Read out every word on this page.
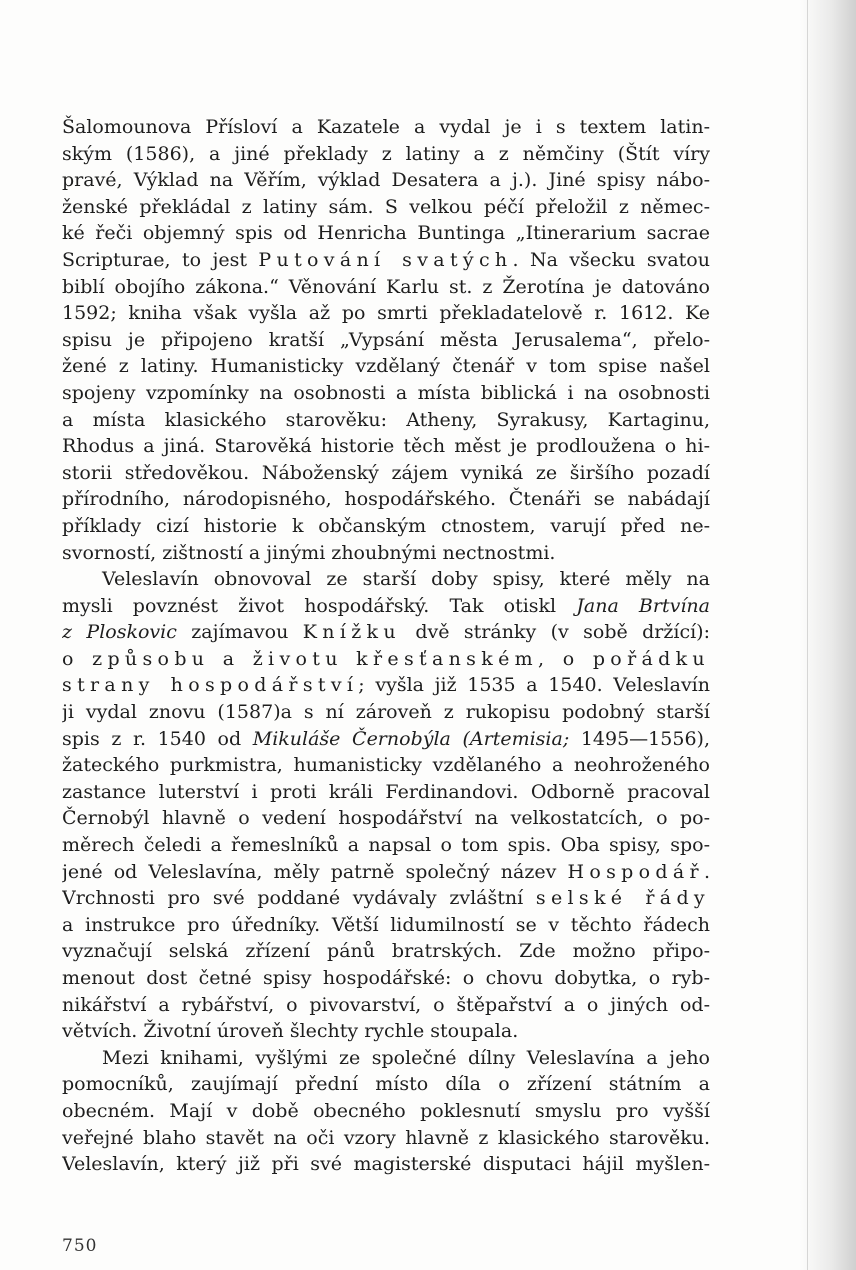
Šalomounova Přísloví a Kazatele a vydal je i s textem latin-
ským (1586), a jiné překlady z latiny a z němčiny (Štít víry
pravé, Výklad na Věřím, výklad Desatera a j.). Jiné spisy nábo-
ženské překládal z latiny sám. S velkou péčí přeložil z němec-
ké řeči objemný spis od Henricha Buntinga „Itinerarium sacrae
Scripturae, to jest Putování svatých. Na všecku svatou
biblí obojího zákona.“ Věnování Karlu st. z Žerotína je datováno
1592; kniha však vyšla až po smrti překladatelově r. 1612. Ke
spisu je připojeno kratší „Vypsání města Jerusalema“, přelo-
žené z latiny. Humanisticky vzdělaný čtenář v tom spise našel
spojeny vzpomínky na osobnosti a místa biblická i na osobnosti
a místa klasického starověku: Atheny, Syrakusy, Kartaginu,
Rhodus a jiná. Starověká historie těch měst je prodloužena o hi-
storii středověkou. Náboženský zájem vyniká ze širšího pozadí
přírodního, národopisného, hospodářského. Čtenáři se nabádají
příklady cizí historie k občanským ctnostem, varují před ne-
svorností, zištností a jinými zhoubnými nectnostmi.
Veleslavín obnovoval ze starší doby spisy, které měly na
mysli povznést život hospodářský. Tak otiskl Jana Brtvína
z Ploskovic zajímavou Knížku dvě stránky (v sobě držící):
o způsobu a životu křesťanském, o pořádku
strany hospodářství; vyšla již 1535 a 1540. Veleslavín
ji vydal znovu (1587)a s ní zároveň z rukopisu podobný starší
spis z r. 1540 od Mikuláše Černobýla (Artemisia; 1495—1556),
žateckého purkmistra, humanisticky vzdělaného a neohroženého
zastance luterství i proti králi Ferdinandovi. Odborně pracoval
Černobýl hlavně o vedení hospodářství na velkostatcích, o po-
měrech čeledi a řemeslníků a napsal o tom spis. Oba spisy, spo-
jené od Veleslavína, měly patrně společný název Hospodář.
Vrchnosti pro své poddané vydávaly zvláštní selské řády
a instrukce pro úředníky. Větší lidumilností se v těchto řádech
vyznačují selská zřízení pánů bratrských. Zde možno připo-
menout dost četné spisy hospodářské: o chovu dobytka, o ryb-
nikářství a rybářství, o pivovarství, o štěpařství a o jiných od-
větvích. Životní úroveň šlechty rychle stoupala.
Mezi knihami, vyšlými ze společné dílny Veleslavína a jeho
pomocníků, zaujímají přední místo díla o zřízení státním a
obecném. Mají v době obecného poklesnutí smyslu pro vyšší
veřejné blaho stavět na oči vzory hlavně z klasického starověku.
Veleslavín, který již při své magisterské disputaci hájil myšlen-
750
